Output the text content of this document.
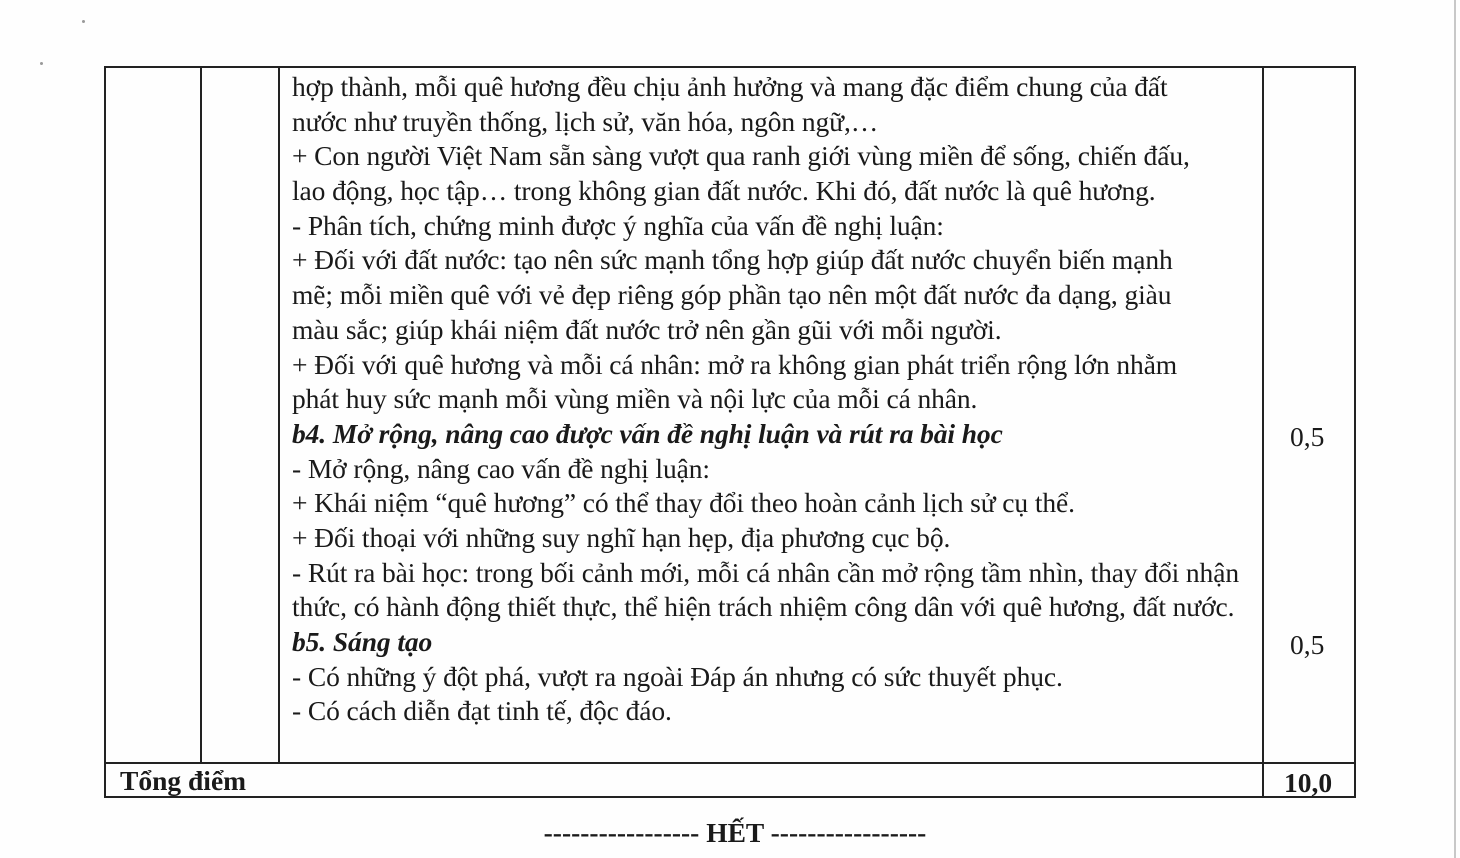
hợp thành, mỗi quê hương đều chịu ảnh hưởng và mang đặc điểm chung của đất
nước như truyền thống, lịch sử, văn hóa, ngôn ngữ,…
+ Con người Việt Nam sẵn sàng vượt qua ranh giới vùng miền để sống, chiến đấu,
lao động, học tập… trong không gian đất nước. Khi đó, đất nước là quê hương.
- Phân tích, chứng minh được ý nghĩa của vấn đề nghị luận:
+ Đối với đất nước: tạo nên sức mạnh tổng hợp giúp đất nước chuyển biến mạnh
mẽ; mỗi miền quê với vẻ đẹp riêng góp phần tạo nên một đất nước đa dạng, giàu
màu sắc; giúp khái niệm đất nước trở nên gần gũi với mỗi người.
+ Đối với quê hương và mỗi cá nhân: mở ra không gian phát triển rộng lớn nhằm
phát huy sức mạnh mỗi vùng miền và nội lực của mỗi cá nhân.
b4. Mở rộng, nâng cao được vấn đề nghị luận và rút ra bài học
- Mở rộng, nâng cao vấn đề nghị luận:
+ Khái niệm “quê hương” có thể thay đổi theo hoàn cảnh lịch sử cụ thể.
+ Đối thoại với những suy nghĩ hạn hẹp, địa phương cục bộ.
- Rút ra bài học: trong bối cảnh mới, mỗi cá nhân cần mở rộng tầm nhìn, thay đổi nhận
thức, có hành động thiết thực, thể hiện trách nhiệm công dân với quê hương, đất nước.
b5. Sáng tạo
- Có những ý đột phá, vượt ra ngoài Đáp án nhưng có sức thuyết phục.
- Có cách diễn đạt tinh tế, độc đáo.
0,5
0,5
Tổng điểm	10,0
----------------- HẾT -----------------
